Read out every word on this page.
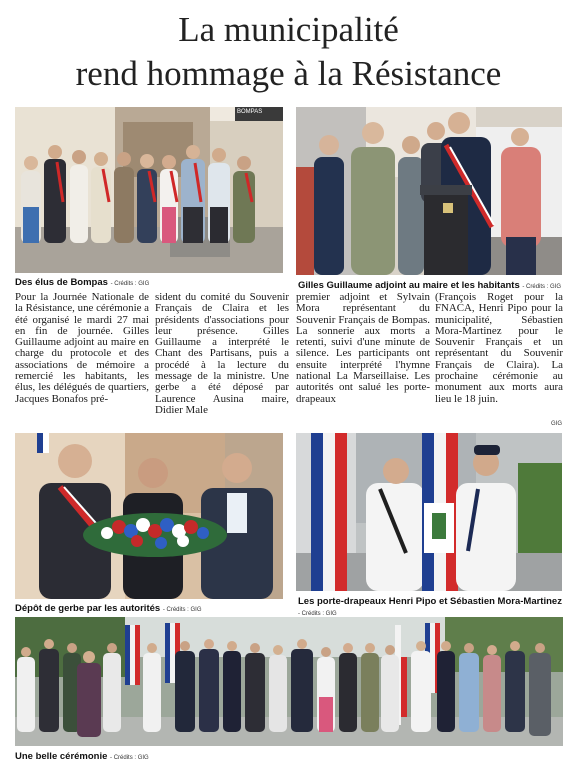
La municipalité
rend hommage à la Résistance
BOMPAS
Des élus de Bompas - Crédits : GIG	Gilles Guillaume adjoint au maire et les habitants - Crédits : GIG

Pour la Journée Nationale de la Résistance, une cérémonie a été organisé le mardi 27 mai en fin de journée. Gilles Guillaume adjoint au maire en charge du protocole et des associations de mémoire a remercié les habitants, les élus, les délégués de quartiers, Jacques Bonafos pré-

sident du comité du Souvenir Français de Claira et les présidents d'associations pour leur présence. Gilles Guillaume a interprété le Chant des Partisans, puis a procédé à la lecture du message de la ministre. Une gerbe a été déposé par Laurence Ausina maire, Didier Male

premier adjoint et Sylvain Mora représentant du Souvenir Français de Bompas. La sonnerie aux morts a retenti, suivi d'une minute de silence. Les participants ont ensuite interprété l'hymne national La Marseillaise. Les autorités ont salué les porte-drapeaux

(François Roget pour la FNACA, Henri Pipo pour la municipalité, Sébastien Mora-Martinez pour le Souvenir Français et un représentant du Souvenir Français de Claira). La prochaine cérémonie au monument aux morts aura lieu le 18 juin.

GIG
Dépôt de gerbe par les autorités - Crédits : GIG
Les porte-drapeaux Henri Pipo et Sébastien Mora-Martinez
- Crédits : GIG
Une belle cérémonie - Crédits : GIG
